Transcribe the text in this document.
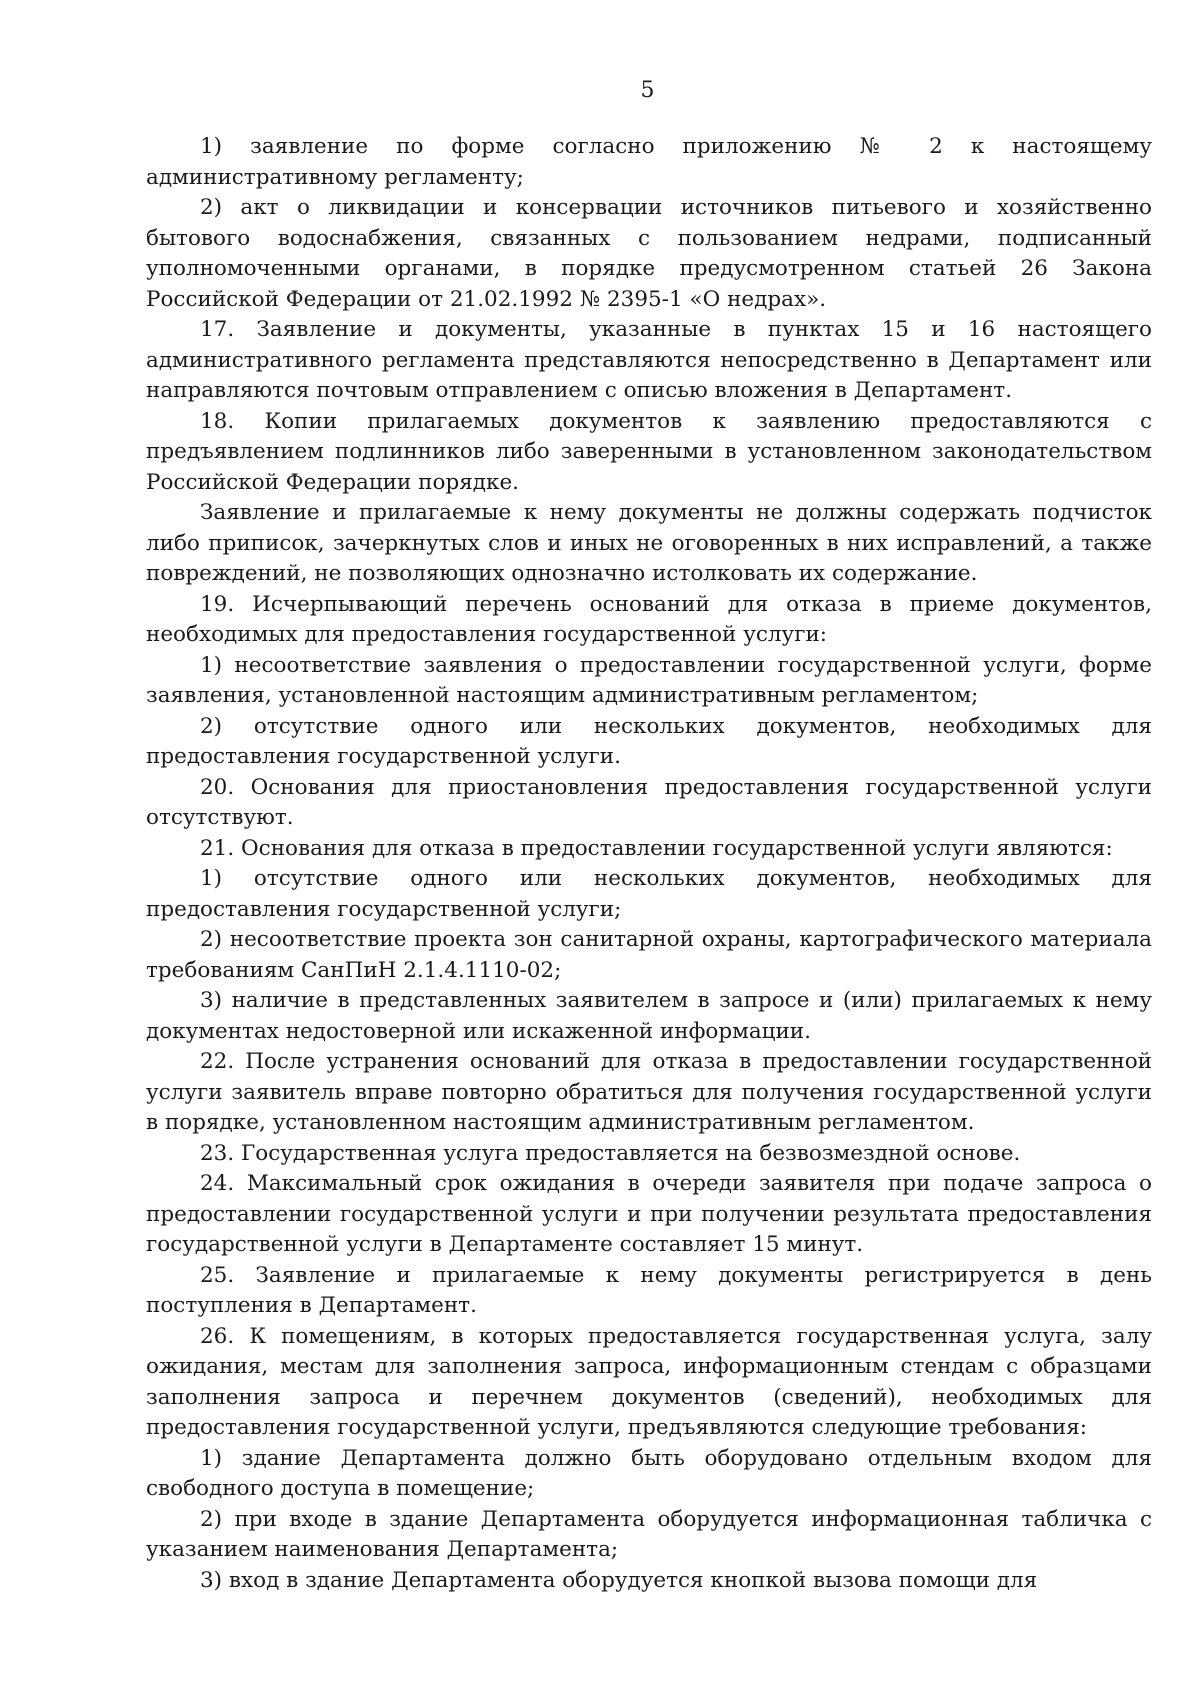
5

1) заявление по форме согласно приложению № 2 к настоящему административному регламенту;

2) акт о ликвидации и консервации источников питьевого и хозяйственно бытового водоснабжения, связанных с пользованием недрами, подписанный уполномоченными органами, в порядке предусмотренном статьей 26 Закона Российской Федерации от 21.02.1992 № 2395-1 «О недрах».

17. Заявление и документы, указанные в пунктах 15 и 16 настоящего административного регламента представляются непосредственно в Департамент или направляются почтовым отправлением с описью вложения в Департамент.

18. Копии прилагаемых документов к заявлению предоставляются с предъявлением подлинников либо заверенными в установленном законодательством Российской Федерации порядке.

Заявление и прилагаемые к нему документы не должны содержать подчисток либо приписок, зачеркнутых слов и иных не оговоренных в них исправлений, а также повреждений, не позволяющих однозначно истолковать их содержание.

19. Исчерпывающий перечень оснований для отказа в приеме документов, необходимых для предоставления государственной услуги:

1) несоответствие заявления о предоставлении государственной услуги, форме заявления, установленной настоящим административным регламентом;

2) отсутствие одного или нескольких документов, необходимых для предоставления государственной услуги.

20. Основания для приостановления предоставления государственной услуги отсутствуют.

21. Основания для отказа в предоставлении государственной услуги являются:

1) отсутствие одного или нескольких документов, необходимых для предоставления государственной услуги;

2) несоответствие проекта зон санитарной охраны, картографического материала требованиям СанПиН 2.1.4.1110-02;

3) наличие в представленных заявителем в запросе и (или) прилагаемых к нему документах недостоверной или искаженной информации.

22. После устранения оснований для отказа в предоставлении государственной услуги заявитель вправе повторно обратиться для получения государственной услуги в порядке, установленном настоящим административным регламентом.

23. Государственная услуга предоставляется на безвозмездной основе.

24. Максимальный срок ожидания в очереди заявителя при подаче запроса о предоставлении государственной услуги и при получении результата предоставления государственной услуги в Департаменте составляет 15 минут.

25. Заявление и прилагаемые к нему документы регистрируется в день поступления в Департамент.

26. К помещениям, в которых предоставляется государственная услуга, залу ожидания, местам для заполнения запроса, информационным стендам с образцами заполнения запроса и перечнем документов (сведений), необходимых для предоставления государственной услуги, предъявляются следующие требования:

1) здание Департамента должно быть оборудовано отдельным входом для свободного доступа в помещение;

2) при входе в здание Департамента оборудуется информационная табличка с указанием наименования Департамента;

3) вход в здание Департамента оборудуется кнопкой вызова помощи для
